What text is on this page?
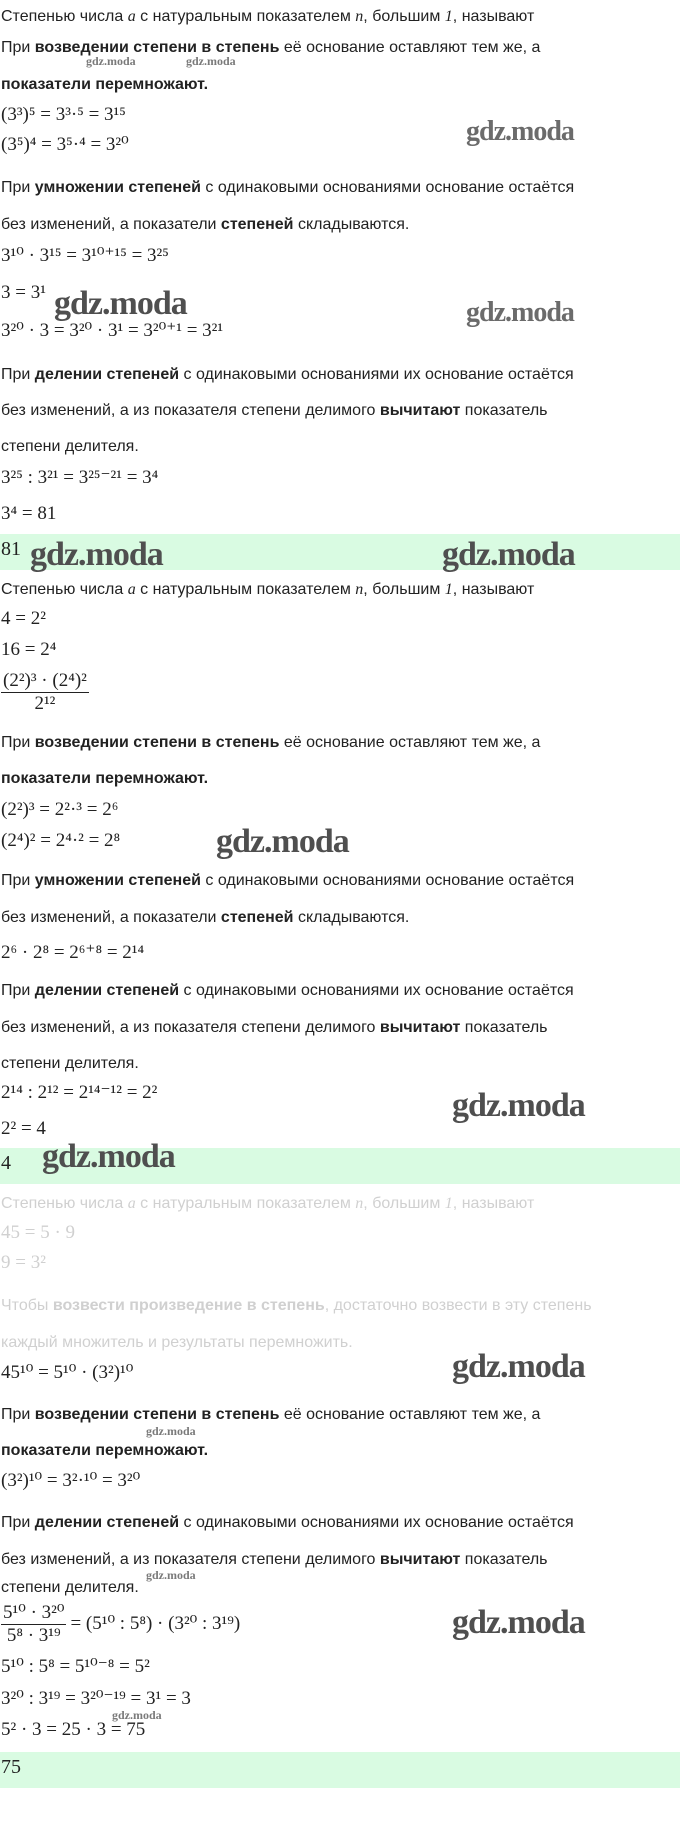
Степенью числа a с натуральным показателем n, большим 1, называют
При возведении степени в степень её основание оставляют тем же, а
показатели перемножают.
(3³)⁵ = 3³·⁵ = 3¹⁵
(3⁵)⁴ = 3⁵·⁴ = 3²⁰
При умножении степеней с одинаковыми основаниями основание остаётся
без изменений, а показатели степеней складываются.
3¹⁰ · 3¹⁵ = 3¹⁰⁺¹⁵ = 3²⁵
3 = 3¹
3²⁰ · 3 = 3²⁰ · 3¹ = 3²⁰⁺¹ = 3²¹
При делении степеней с одинаковыми основаниями их основание остаётся
без изменений, а из показателя степени делимого вычитают показатель
степени делителя.
3²⁵ : 3²¹ = 3²⁵⁻²¹ = 3⁴
3⁴ = 81
81
Степенью числа a с натуральным показателем n, большим 1, называют
4 = 2²
16 = 2⁴
$\frac{\text{(2²)³ · (2⁴)²}}{\text{2¹²}}$
При возведении степени в степень её основание оставляют тем же, а
показатели перемножают.
(2²)³ = 2²·³ = 2⁶
(2⁴)² = 2⁴·² = 2⁸
При умножении степеней с одинаковыми основаниями основание остаётся
без изменений, а показатели степеней складываются.
2⁶ · 2⁸ = 2⁶⁺⁸ = 2¹⁴
При делении степеней с одинаковыми основаниями их основание остаётся
без изменений, а из показателя степени делимого вычитают показатель
степени делителя.
2¹⁴ : 2¹² = 2¹⁴⁻¹² = 2²
2² = 4
4
Степенью числа a с натуральным показателем n, большим 1, называют
45 = 5 · 9
9 = 3²
Чтобы возвести произведение в степень, достаточно возвести в эту степень
каждый множитель и результаты перемножить.
45¹⁰ = 5¹⁰ · (3²)¹⁰
При возведении степени в степень её основание оставляют тем же, а
показатели перемножают.
(3²)¹⁰ = 3²·¹⁰ = 3²⁰
При делении степеней с одинаковыми основаниями их основание остаётся
без изменений, а из показателя степени делимого вычитают показатель
степени делителя.
$\frac{\text{5¹⁰ · 3²⁰}}{\text{5⁸ · 3¹⁹}} = (5^{10}$ : 5⁸) · (3²⁰ : 3¹⁹)
5¹⁰ : 5⁸ = 5¹⁰⁻⁸ = 5²
3²⁰ : 3¹⁹ = 3²⁰⁻¹⁹ = 3¹ = 3
5² · 3 = 25 · 3 = 75
75
gdz.moda	gdz.moda
gdz.moda
gdz.moda	gdz.moda
gdz.moda	gdz.moda
gdz.moda
gdz.moda
gdz.moda
gdz.moda
gdz.moda
gdz.moda
gdz.moda
gdz.moda
